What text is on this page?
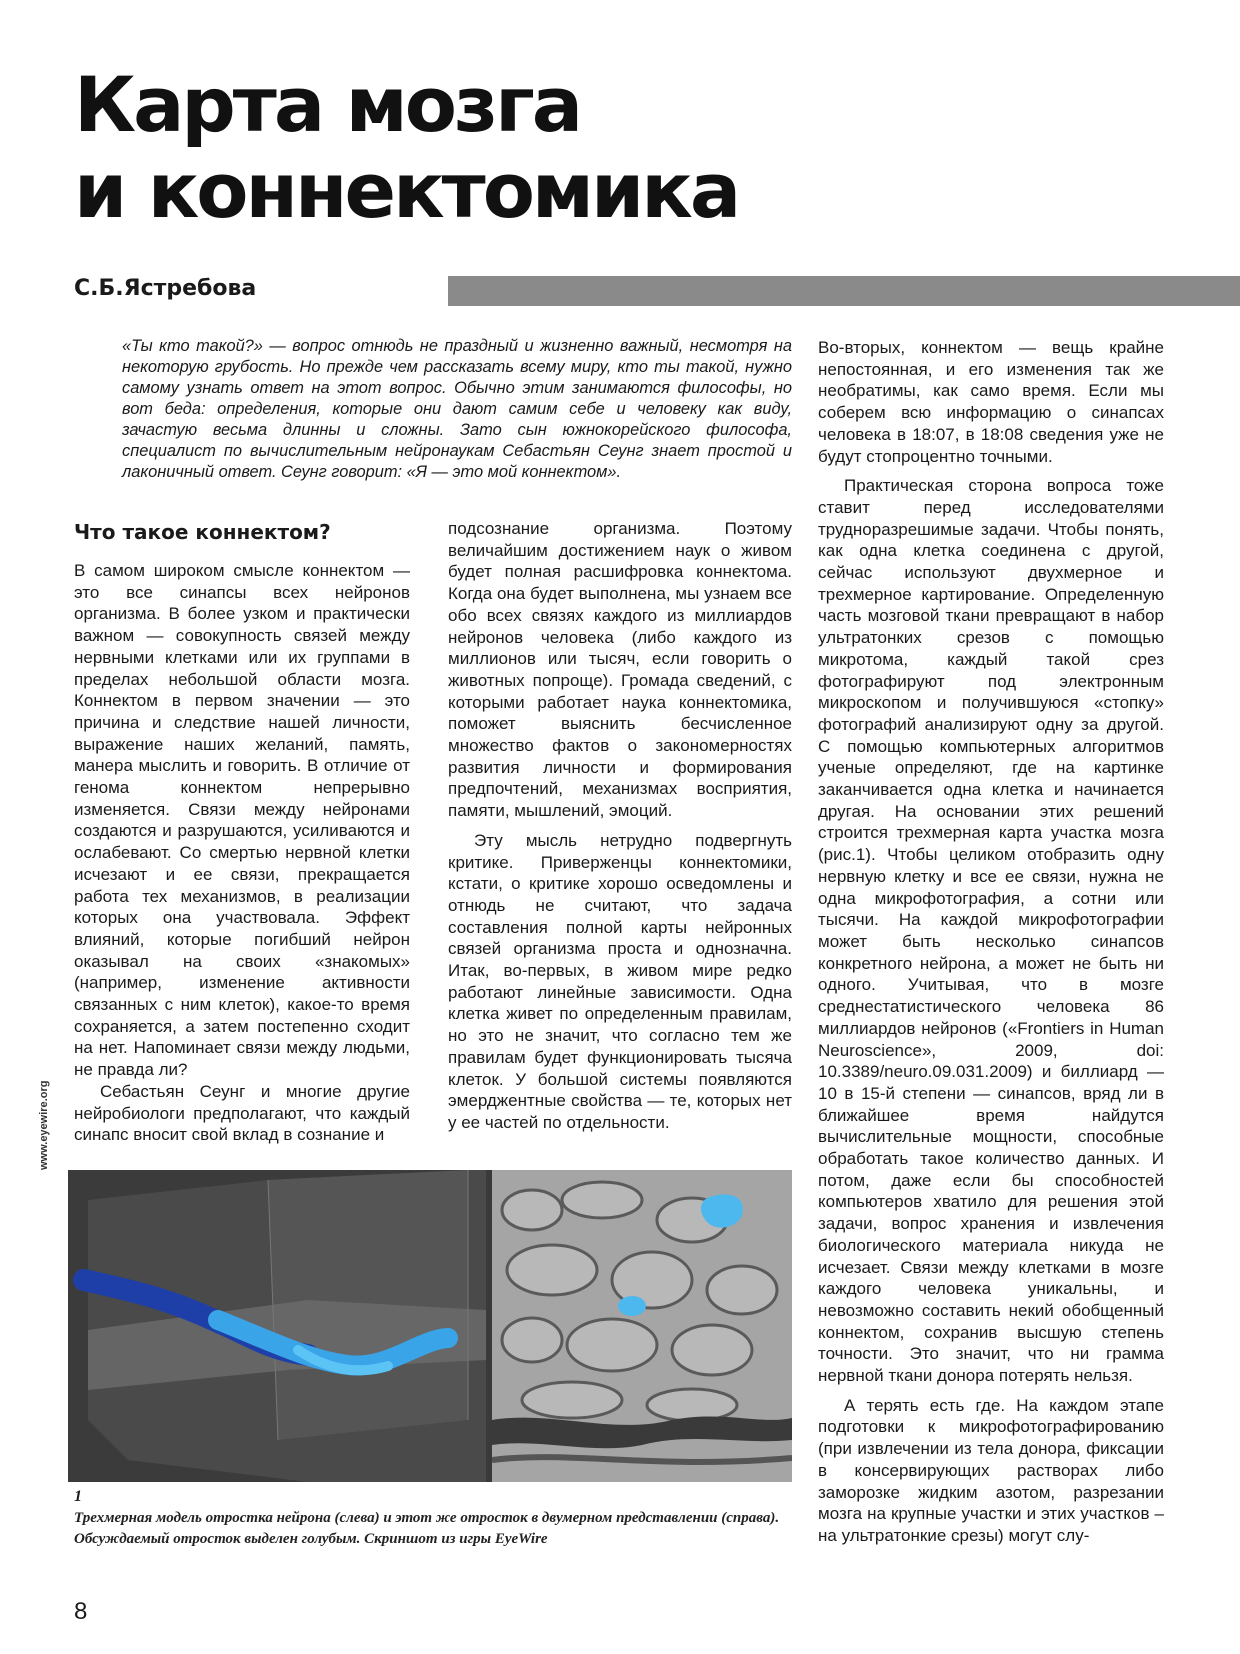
Карта мозга
и коннектомика
С.Б.Ястребова

«Ты кто такой?» — вопрос отнюдь не праздный и жизненно важный, несмотря на некоторую грубость. Но прежде чем рассказать всему миру, кто ты такой, нужно самому узнать ответ на этот вопрос. Обычно этим занимаются философы, но вот беда: определения, которые они дают самим себе и человеку как виду, зачастую весьма длинны и сложны. Зато сын южнокорейского философа, специалист по вычислительным нейронаукам Себастьян Сеунг знает простой и лаконичный ответ. Сеунг говорит: «Я — это мой коннектом».

Что такое коннектом?

В самом широком смысле коннектом — это все синапсы всех нейронов организма. В более узком и практически важном — совокупность связей между нервными клетками или их группами в пределах небольшой области мозга. Коннектом в первом значении — это причина и следствие нашей личности, выражение наших желаний, память, манера мыслить и говорить. В отличие от генома коннектом непрерывно изменяется. Связи между нейронами создаются и разрушаются, усиливаются и ослабевают. Со смертью нервной клетки исчезают и ее связи, прекращается работа тех механизмов, в реализации которых она участвовала. Эффект влияний, которые погибший нейрон оказывал на своих «знакомых» (например, изменение активности связанных с ним клеток), какое-то время сохраняется, а затем постепенно сходит на нет. Напоминает связи между людьми, не правда ли?

Себастьян Сеунг и многие другие нейробиологи предполагают, что каждый синапс вносит свой вклад в сознание и

подсознание организма. Поэтому величайшим достижением наук о живом будет полная расшифровка коннектома. Когда она будет выполнена, мы узнаем все обо всех связях каждого из миллиардов нейронов человека (либо каждого из миллионов или тысяч, если говорить о животных попроще). Громада сведений, с которыми работает наука коннектомика, поможет выяснить бесчисленное множество фактов о закономерностях развития личности и формирования предпочтений, механизмах восприятия, памяти, мышлений, эмоций.

Эту мысль нетрудно подвергнуть критике. Приверженцы коннектомики, кстати, о критике хорошо осведомлены и отнюдь не считают, что задача составления полной карты нейронных связей организма проста и однозначна. Итак, во-первых, в живом мире редко работают линейные зависимости. Одна клетка живет по определенным правилам, но это не значит, что согласно тем же правилам будет функционировать тысяча клеток. У большой системы появляются эмерджентные свойства — те, которых нет у ее частей по отдельности.

Во-вторых, коннектом — вещь крайне непостоянная, и его изменения так же необратимы, как само время. Если мы соберем всю информацию о синапсах человека в 18:07, в 18:08 сведения уже не будут стопроцентно точными.

Практическая сторона вопроса тоже ставит перед исследователями трудноразрешимые задачи. Чтобы понять, как одна клетка соединена с другой, сейчас используют двухмерное и трехмерное картирование. Определенную часть мозговой ткани превращают в набор ультратонких срезов с помощью микротома, каждый такой срез фотографируют под электронным микроскопом и получившуюся «стопку» фотографий анализируют одну за другой. С помощью компьютерных алгоритмов ученые определяют, где на картинке заканчивается одна клетка и начинается другая. На основании этих решений строится трехмерная карта участка мозга (рис.1). Чтобы целиком отобразить одну нервную клетку и все ее связи, нужна не одна микрофотография, а сотни или тысячи. На каждой микрофотографии может быть несколько синапсов конкретного нейрона, а может не быть ни одного. Учитывая, что в мозге среднестатистического человека 86 миллиардов нейронов («Frontiers in Human Neuroscience», 2009, doi: 10.3389/neuro.09.031.2009) и биллиард — 10 в 15-й степени — синапсов, вряд ли в ближайшее время найдутся вычислительные мощности, способные обработать такое количество данных. И потом, даже если бы способностей компьютеров хватило для решения этой задачи, вопрос хранения и извлечения биологического материала никуда не исчезает. Связи между клетками в мозге каждого человека уникальны, и невозможно составить некий обобщенный коннектом, сохранив высшую степень точности. Это значит, что ни грамма нервной ткани донора потерять нельзя.

А терять есть где. На каждом этапе подготовки к микрофотографированию (при извлечении из тела донора, фиксации в консервирующих растворах либо заморозке жидким азотом, разрезании мозга на крупные участки и этих участков – на ультратонкие срезы) могут слу-

www.eyewire.org
1

Трехмерная модель отростка нейрона (слева) и этот же отросток в двумерном представлении (справа). Обсуждаемый отросток выделен голубым. Скриншот из игры EyeWire

8
